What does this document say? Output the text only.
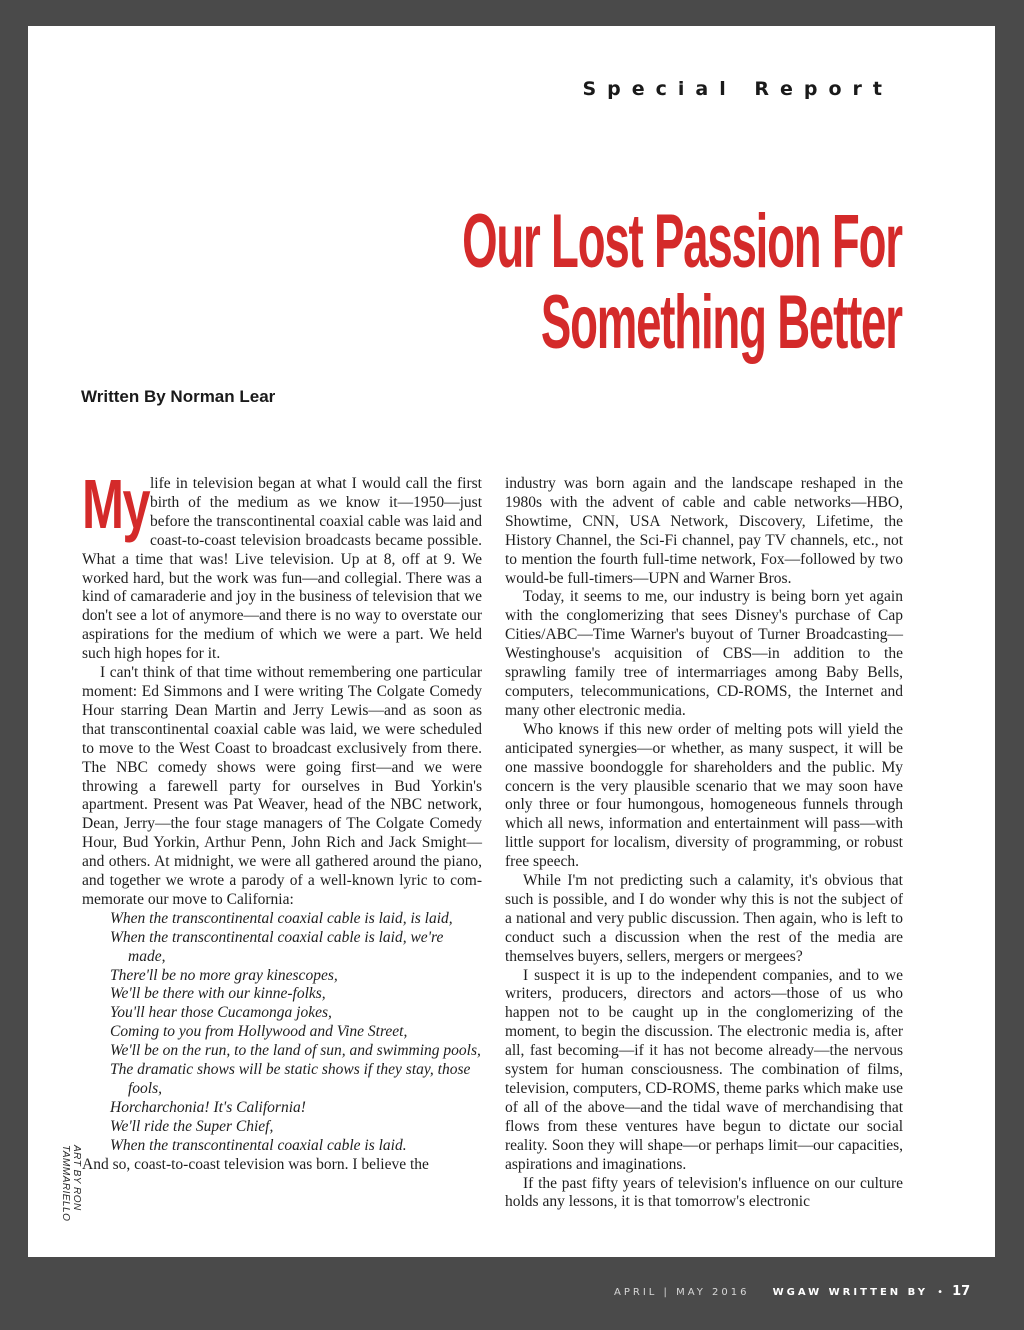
Special Report
Our Lost Passion For
Something Better
Written By Norman Lear
ART BY RON TAMMARIELLO
My life in television began at what I would call the first birth of the medium as we know it—1950—just before the transcontinental coaxial cable was laid and coast-to-coast television broadcasts became possible. What a time that was! Live television. Up at 8, off at 9. We worked hard, but the work was fun—and collegial. There was a kind of camaraderie and joy in the business of television that we don't see a lot of anymore—and there is no way to overstate our aspirations for the medium of which we were a part. We held such high hopes for it.

I can't think of that time without remembering one particular moment: Ed Simmons and I were writing The Colgate Comedy Hour starring Dean Martin and Jerry Lewis—and as soon as that transcontinental coaxial cable was laid, we were scheduled to move to the West Coast to broadcast exclusively from there. The NBC comedy shows were going first—and we were throwing a farewell party for ourselves in Bud Yorkin's apartment. Present was Pat Weaver, head of the NBC network, Dean, Jerry—the four stage managers of The Colgate Comedy Hour, Bud Yorkin, Arthur Penn, John Rich and Jack Smight—and others. At midnight, we were all gathered around the piano, and together we wrote a parody of a well-known lyric to commemorate our move to California:

When the transcontinental coaxial cable is laid, is laid,
When the transcontinental coaxial cable is laid, we're made,
There'll be no more gray kinescopes,
We'll be there with our kinne-folks,
You'll hear those Cucamonga jokes,
Coming to you from Hollywood and Vine Street,
We'll be on the run, to the land of sun, and swimming pools,
The dramatic shows will be static shows if they stay, those fools,
Horcharchonia! It's California!
We'll ride the Super Chief,
When the transcontinental coaxial cable is laid.

And so, coast-to-coast television was born. I believe the

industry was born again and the landscape reshaped in the 1980s with the advent of cable and cable networks—HBO, Showtime, CNN, USA Network, Discovery, Lifetime, the History Channel, the Sci-Fi channel, pay TV channels, etc., not to mention the fourth full-time network, Fox—followed by two would-be full-timers—UPN and Warner Bros.

Today, it seems to me, our industry is being born yet again with the conglomerizing that sees Disney's purchase of Cap Cities/ABC—Time Warner's buyout of Turner Broadcasting—Westinghouse's acquisition of CBS—in addition to the sprawling family tree of intermarriages among Baby Bells, computers, telecommunications, CD-ROMS, the Internet and many other electronic media.

Who knows if this new order of melting pots will yield the anticipated synergies—or whether, as many suspect, it will be one massive boondoggle for shareholders and the public. My concern is the very plausible scenario that we may soon have only three or four humongous, homogeneous funnels through which all news, information and entertainment will pass—with little support for localism, diversity of programming, or robust free speech.

While I'm not predicting such a calamity, it's obvious that such is possible, and I do wonder why this is not the subject of a national and very public discussion. Then again, who is left to conduct such a discussion when the rest of the media are themselves buyers, sellers, mergers or mergees?

I suspect it is up to the independent companies, and to we writers, producers, directors and actors—those of us who happen not to be caught up in the conglomerizing of the moment, to begin the discussion. The electronic media is, after all, fast becoming—if it has not become already—the nervous system for human consciousness. The combination of films, television, computers, CD-ROMS, theme parks which make use of all of the above—and the tidal wave of merchandising that flows from these ventures have begun to dictate our social reality. Soon they will shape—or perhaps limit—our capacities, aspirations and imaginations.

If the past fifty years of television's influence on our culture holds any lessons, it is that tomorrow's electronic

APRIL | MAY 2016 WGAW WRITTEN BY • 17
